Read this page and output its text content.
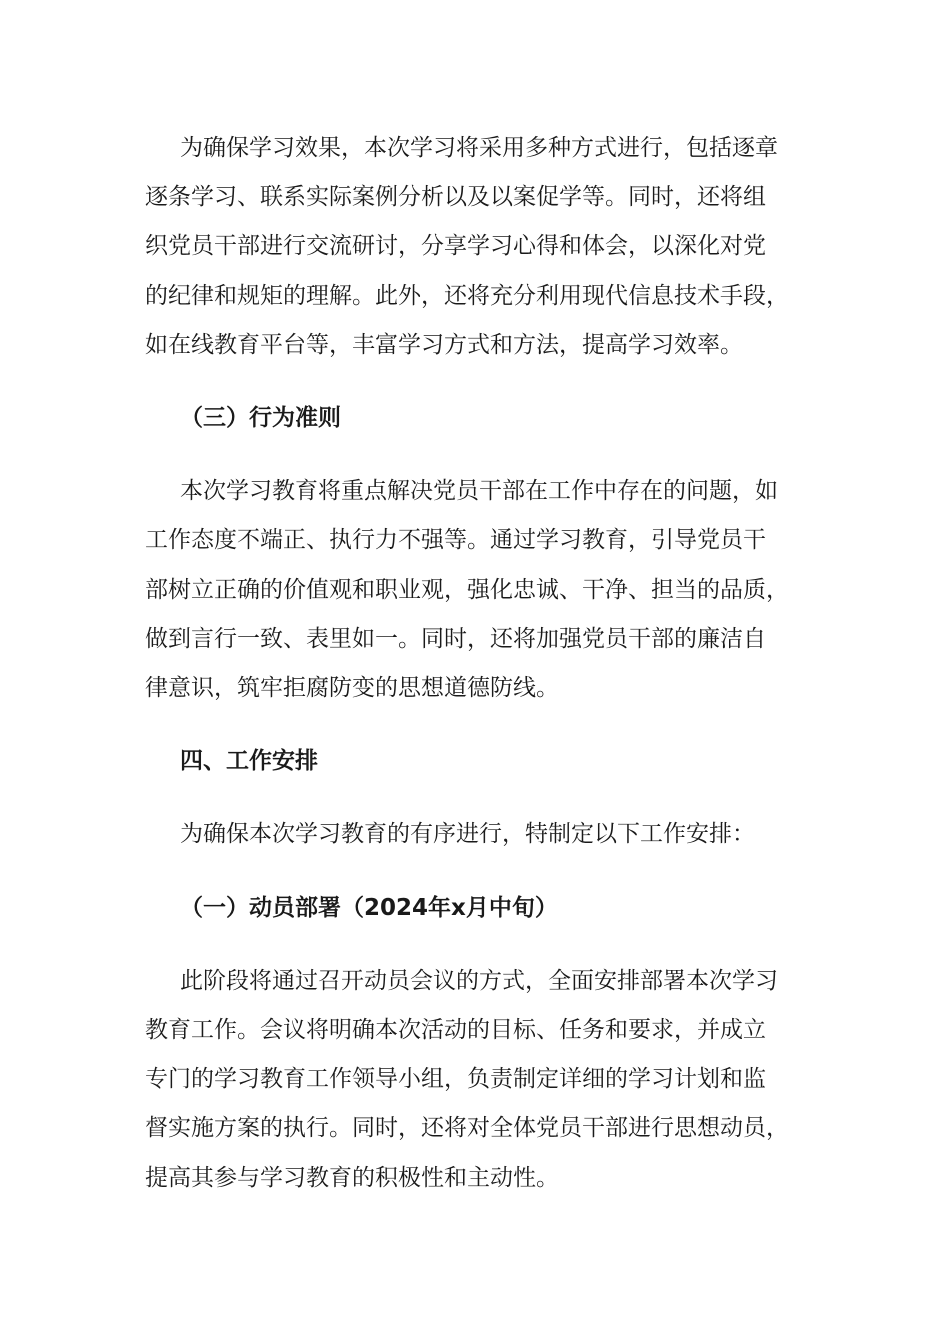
为确保学习效果，本次学习将采用多种方式进行，包括逐章
逐条学习、联系实际案例分析以及以案促学等。同时，还将组
织党员干部进行交流研讨，分享学习心得和体会，以深化对党
的纪律和规矩的理解。此外，还将充分利用现代信息技术手段，
如在线教育平台等，丰富学习方式和方法，提高学习效率。

（三）行为准则

本次学习教育将重点解决党员干部在工作中存在的问题，如
工作态度不端正、执行力不强等。通过学习教育，引导党员干
部树立正确的价值观和职业观，强化忠诚、干净、担当的品质，
做到言行一致、表里如一。同时，还将加强党员干部的廉洁自
律意识，筑牢拒腐防变的思想道德防线。

四、工作安排

为确保本次学习教育的有序进行，特制定以下工作安排：

（一）动员部署（2024年x月中旬）

此阶段将通过召开动员会议的方式，全面安排部署本次学习
教育工作。会议将明确本次活动的目标、任务和要求，并成立
专门的学习教育工作领导小组，负责制定详细的学习计划和监
督实施方案的执行。同时，还将对全体党员干部进行思想动员，
提高其参与学习教育的积极性和主动性。
